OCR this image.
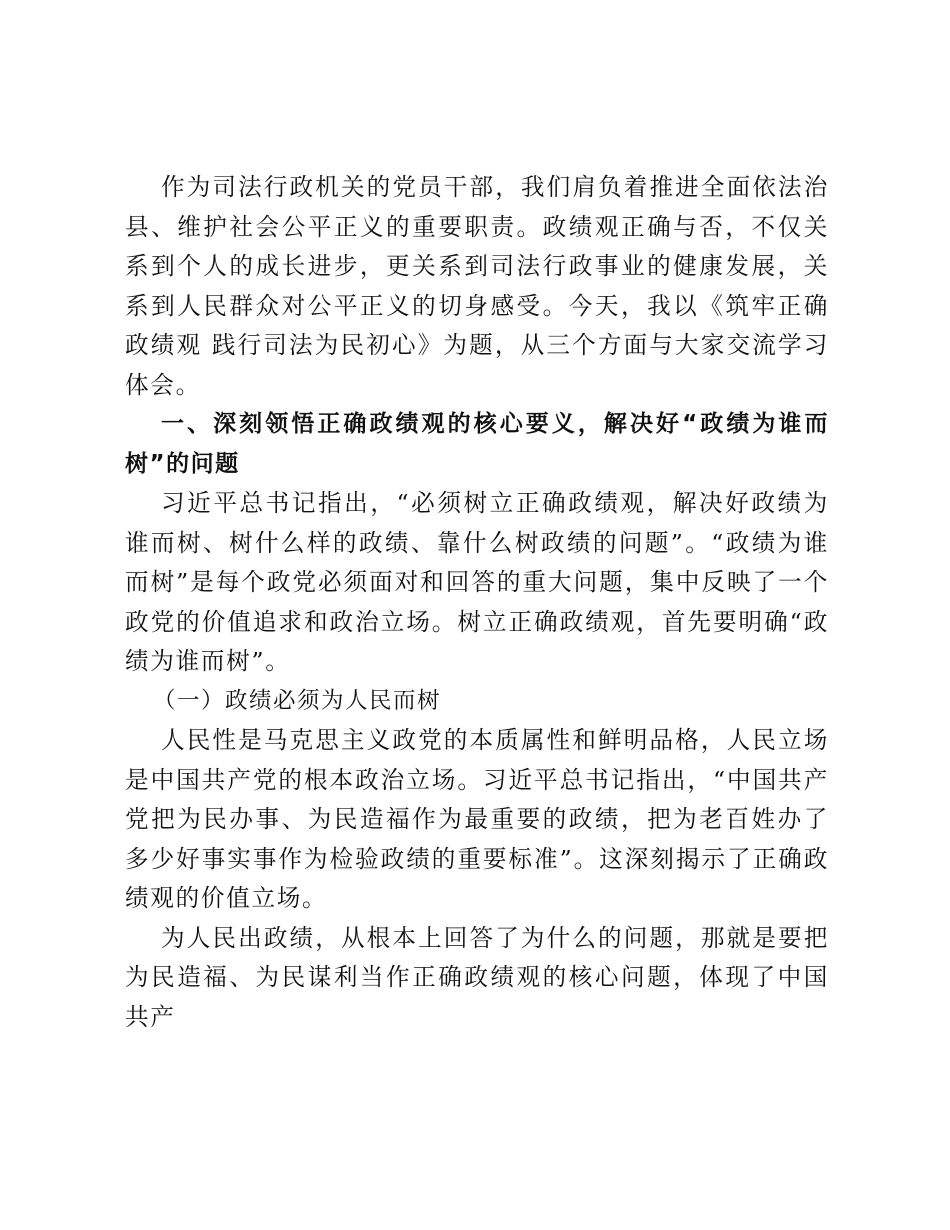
作为司法行政机关的党员干部，我们肩负着推进全面依法治县、维护社会公平正义的重要职责。政绩观正确与否，不仅关系到个人的成长进步，更关系到司法行政事业的健康发展，关系到人民群众对公平正义的切身感受。今天，我以《筑牢正确政绩观 践行司法为民初心》为题，从三个方面与大家交流学习体会。

一、深刻领悟正确政绩观的核心要义，解决好“政绩为谁而树”的问题

习近平总书记指出，“必须树立正确政绩观，解决好政绩为谁而树、树什么样的政绩、靠什么树政绩的问题”。“政绩为谁而树”是每个政党必须面对和回答的重大问题，集中反映了一个政党的价值追求和政治立场。树立正确政绩观，首先要明确“政绩为谁而树”。

（一）政绩必须为人民而树

人民性是马克思主义政党的本质属性和鲜明品格，人民立场是中国共产党的根本政治立场。习近平总书记指出，“中国共产党把为民办事、为民造福作为最重要的政绩，把为老百姓办了多少好事实事作为检验政绩的重要标准”。这深刻揭示了正确政绩观的价值立场。

为人民出政绩，从根本上回答了为什么的问题，那就是要把为民造福、为民谋利当作正确政绩观的核心问题，体现了中国共产
